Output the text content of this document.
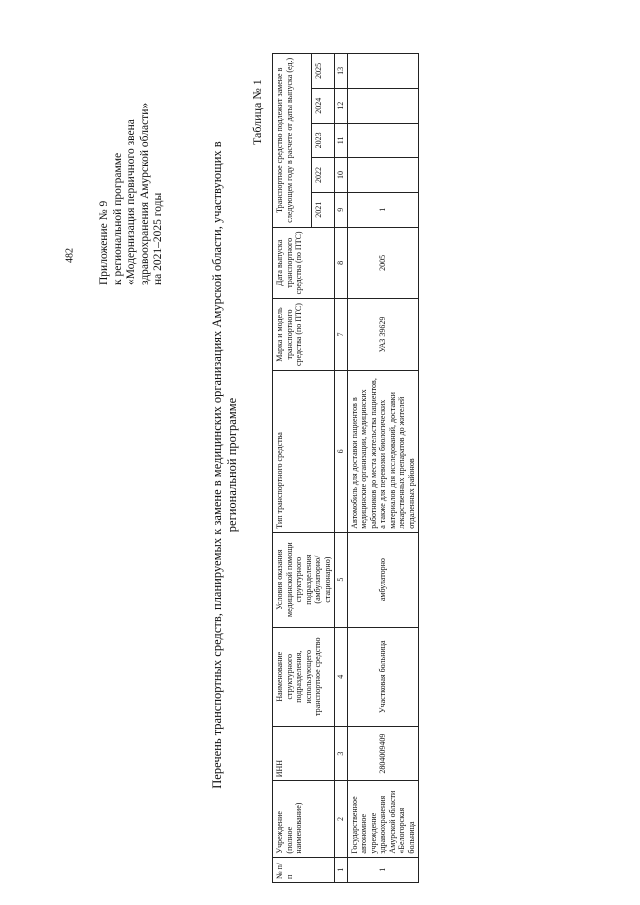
482 Приложение № 9 к региональной программе «Модернизация первичного звена здравоохранения Амурской области» на 2021–2025 годы	Перечень транспортных средств, планируемых к замене в медицинских организациях Амурской области, участвующих в региональной программе
Таблица № 1
№ п/п	Учреждение (полное наименование)	ИНН	Наименование структурного подразделения, использующего транспортное средство	Условия оказания медицинской помощи структурного подразделения (амбулаторно/ стационарно)	Тип транспортного средства	Марка и модель транспортного средства (по ПТС)	Дата выпуска транспортного средства (по ПТС)	Транспортное средство подлежит замене в следующем году в расчете от даты выпуска (ед.)				
								2021	2022	2023	2024	2025
1	2	3	4	5	6	7	8	9	10	11	12	13
1	Государственное автономное учреждение здравоохранения Амурской области «Белогорская больница	2804009409	Участковая больница	амбулаторно	Автомобиль для доставки пациентов в медицинские организации, медицинских работников до места жительства пациентов, а также для перевозки биологических материалов для исследований, доставки лекарственных препаратов до жителей отдаленных районов	УАЗ 39629	2005	1				
